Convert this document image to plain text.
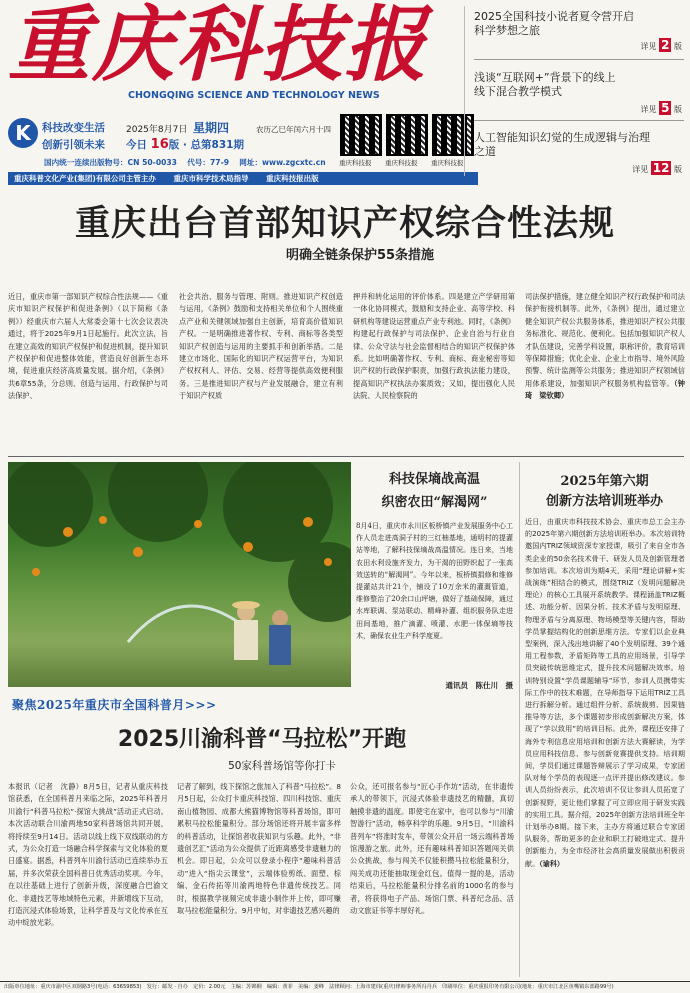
重庆科技报
CHONGQING SCIENCE AND TECHNOLOGY NEWS
K	科技改变生活
创新引领未来
2025年8月7日 星期四	农历乙巳年闰六月十四
今日 16版 · 总第831期
国内统一连续出版物号：CN 50-0033　 代号：77-9　 网址：www.zgcxtc.cn 重庆科技报 重庆科技报 重庆科技报
重庆科普文化产业(集团)有限公司主管主办　　 重庆市科学技术局指导　　 重庆科技报出版
2025全国科技小说者夏令营开启科学梦想之旅
详见 2 版
浅谈“互联网+”背景下的线上线下混合教学模式
详见 5 版
人工智能知识幻觉的生成逻辑与治理之道
详见 12 版
重庆出台首部知识产权综合性法规
明确全链条保护55条措施
近日，重庆市第一部知识产权综合性法规——《重庆市知识产权保护和促进条例》（以下简称《条例》）经重庆市六届人大常委会第十七次会议表决通过，将于2025年9月1日起施行。此次立法，旨在建立高效的知识产权保护和促进机制，提升知识产权保护和促进整体效能，营造良好创新生态环境，促进重庆经济高质量发展。据介绍，《条例》共6章55条，分总则、创造与运用、行政保护与司法保护、
社会共治、服务与管理、附则。推进知识产权创造与运用，《条例》鼓励和支持相关单位和个人围绕重点产业和关键领域加强自主创新，培育高价值知识产权。一是明确推进著作权、专利、商标等各类型知识产权创造与运用的主要抓手和创新举措。二是建立市场化、国际化的知识产权运营平台，为知识产权权利人、评估、交易、经营等提供高效便利服务。三是推进知识产权与产业发展融合，建立有利于知识产权质
押并和转化运用的评价体系。四是建立产学研用第一体化协同模式，鼓励和支持企业、高等学校、科研机构等建设运营重点产业专利池。同时，《条例》构建起行政保护与司法保护、企业自治与行业自律、公众守法与社会监督相结合的知识产权保护体系。比如明确著作权、专利、商标、商业秘密等知识产权的行政保护职责，加强行政执法能力建设，提高知识产权执法办案质效；又如，提出强化人民法院、人民检察院的
司法保护措施，建立健全知识产权行政保护和司法保护衔接机制等。此外，《条例》提出，通过建立健全知识产权公共服务体系，推进知识产权公共服务标准化、规范化、便利化。包括加强知识产权人才队伍建设，完善学科设置，职称评价，教育培训等保障措施；优化企业、企业上市指导、境外风险预警、统计监测等公共服务；推进知识产权领域信用体系建设，加强知识产权服务机构监管等。（钟琦　梁钦卿）
科技保墒战高温
织密农田“解渴网”
8月4日，重庆市永川区板桥镇产业发展服务中心工作人员走进高洞子村的三红柚基地，通明村的提灌站等地，了解科技保墒战高温情况。连日来，当地农田水利设施齐发力，为干渴的田野织起了一张高效送转的“解渴网”。今年以来，板桥镇捐修和维修提灌站共计21个，铺设了10万余米的灌溉管道，维修整治了20余口山坪塘，做好了基础保障，通过水库联调、泵站联动、精峰补灌、组织服务队走进田间基地，推广滴灌、喷灌、水肥一体保墒等技术，确保农业生产科学度夏。
通讯员　陈仕川　摄
2025年第六期
创新方法培训班举办
近日，由重庆市科技技术协会、重庆市总工会主办的2025年第六期创新方法培训班举办。本次培训特邀国内TRIZ领域资深专家授课，吸引了来自全市各类企业的50余名技术骨干、研发人员及创新管理者参加培训。本次培训为期4天，采用“理论讲解+实战演练”相结合的模式，围绕TRIZ（发明问题解决理论）的核心工具展开系统教学。课程涵盖TRIZ概述、功能分析、因果分析、技术矛盾与发明原理、物理矛盾与分离原理、物场模型等关键内容，帮助学员掌握结构化的创新思维方法。专家们以企业典型案例，深入浅出地讲解了40个发明原理、39个通用工程参数，矛盾矩阵等工具的应用场景，引导学员突破传统思维定式，提升技术问题解决效率。培训特别设置“学员课题辅导”环节，参训人员携带实际工作中的技术难题，在导师指导下运用TRIZ工具进行拆解分析。通过组件分析、系统裁剪、因果链推导等方法，多个课题初步形成创新解决方案，体现了“学以致用”的培训目标。此外，课程还安排了海外专利信息应用培训和创新方法大赛解读，为学员应用科技信息、参与创新竞赛提供支持。培训期间，学员们通过课题答辩展示了学习成果，专家团队对每个学员的表现逐一点评并提出修改建议。参训人员纷纷表示，此次培训不仅让参训人员拓宽了创新视野，更让他们掌握了可立即应用于研发实践的实用工具。据介绍，2025年创新方法培训班全年计划举办8期。接下来，主办方将通过联合专家团队服务，帮助更多的企业和职工打破地定式、提升创新能力，为全市经济社会高质量发展做出积极贡献。（谕科）
聚焦2025年重庆市全国科普月>>>
2025川渝科普“马拉松”开跑
50家科普场馆等你打卡
本报讯（记者　沈静）8月5日，记者从重庆科技馆获悉，在全国科普月来临之际，2025年科普月川渝行“科普马拉松”·探馆大挑战”活动正式启动。本次活动联合川渝两地50家科普场馆共同开展，将持续至9月14日。活动以线上线下双线联动的方式，为公众打造一场融合科学探索与文化体验的夏日盛宴。据悉，科普列车川渝行活动已连续举办五届，并多次荣获全国科普日优秀活动奖项。今年，在以往基础上进行了创新升级，深度融合巴渝文化、非遗技艺等地域特色元素，并新增线下互动，打造沉浸式体验场景，让科学普及与文化传承在互动中绽放光彩。
记者了解到，线下探馆之旅加入了科普“马拉松”。8月5日起，公众打卡重庆科技馆、四川科技馆、重庆南山植物园、成都大熊猫博物馆等科普场馆，即可累积马拉松能量积分。部分场馆还将开展丰富多样的科普活动，让探馆者收获知识与乐趣。此外，“非遗创艺汇”活动为公众提供了近距离感受非遗魅力的机会。即日起，公众可以登录小程序“趣味科普活动”进入“指尖云课堂”，云端体验剪纸、面塑、棕编、金石传拓等川渝两地特色非遗传统技艺。同时，根据教学视频完成非遗小制作并上传，即可赚取马拉松能量积分。9月中旬，对非遗技艺感兴趣的
公众，还可报名参与“匠心手作坊”活动，在非遗传承人的带领下，沉浸式体验非遗技艺的精髓，真切触摸非遗的温度。即使宅在家中，也可以参与“川渝智游行”活动，畅享科学的乐趣。9月5日，“川渝科普列车”将准时发车，带领公众开启一场云端科普场馆漫游之旅。此外，还有趣味科普知识答题闯关供公众挑战，参与闯关不仅能积攒马拉松能量积分，闯关成功还能抽取现金红包。值得一提的是，活动结束后，马拉松能量积分排名前的1000名的参与者，将获得电子产品、场馆门票、科普纪念品、活动文旅证书等丰厚好礼。
出版单位地址：重庆市渝中区双钢路3号(电话：63659853)　发行：邮发 · 自办　定价：2.00元　主编：苏锦桐　编辑：黄菲　美编：姜峰　法律顾问：上海市建纬(重庆)律师事务所冯丹兵　印刷单位：重庆重报印务有限公司(地址：重庆市江北区鱼嘴镇东部路99号)
